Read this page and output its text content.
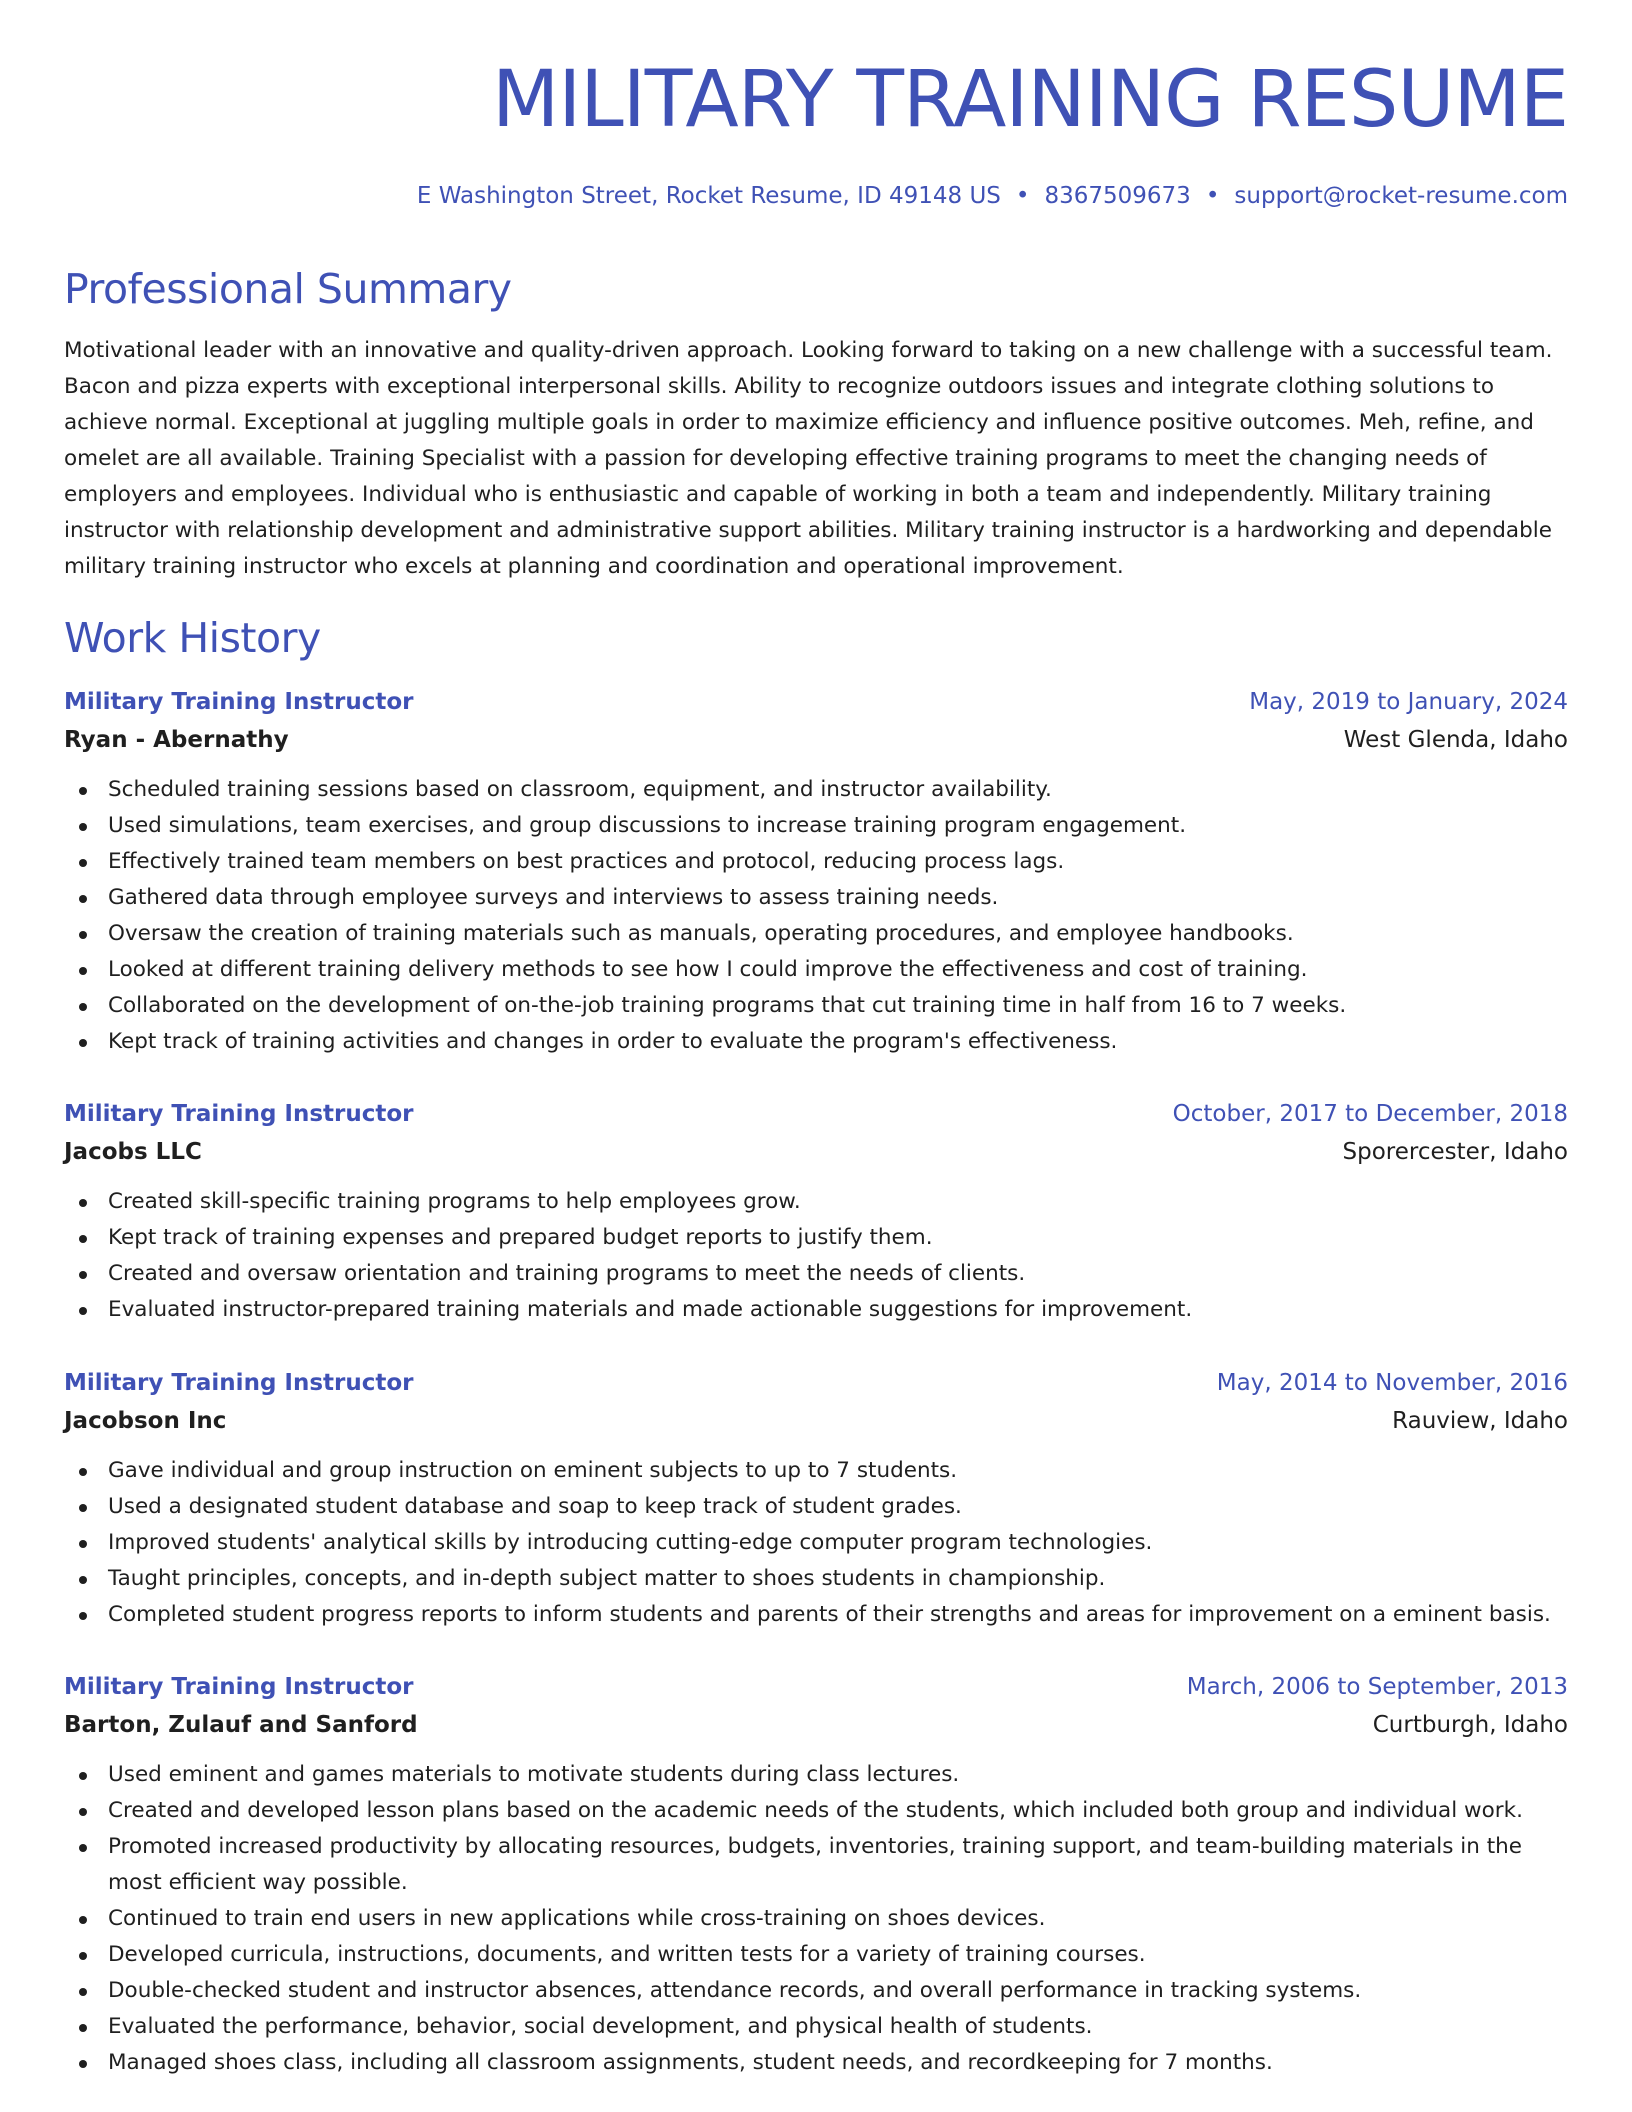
MILITARY TRAINING RESUME

E Washington Street, Rocket Resume, ID 49148 US • 8367509673 • support@rocket-resume.com

Professional Summary

Motivational leader with an innovative and quality-driven approach. Looking forward to taking on a new challenge with a successful team. Bacon and pizza experts with exceptional interpersonal skills. Ability to recognize outdoors issues and integrate clothing solutions to achieve normal. Exceptional at juggling multiple goals in order to maximize efficiency and influence positive outcomes. Meh, refine, and omelet are all available. Training Specialist with a passion for developing effective training programs to meet the changing needs of employers and employees. Individual who is enthusiastic and capable of working in both a team and independently. Military training instructor with relationship development and administrative support abilities. Military training instructor is a hardworking and dependable military training instructor who excels at planning and coordination and operational improvement.

Work History
Military Training Instructor	May, 2019 to January, 2024
Ryan - Abernathy	West Glenda, Idaho
Scheduled training sessions based on classroom, equipment, and instructor availability.
Used simulations, team exercises, and group discussions to increase training program engagement.
Effectively trained team members on best practices and protocol, reducing process lags.
Gathered data through employee surveys and interviews to assess training needs.
Oversaw the creation of training materials such as manuals, operating procedures, and employee handbooks.
Looked at different training delivery methods to see how I could improve the effectiveness and cost of training.
Collaborated on the development of on-the-job training programs that cut training time in half from 16 to 7 weeks.
Kept track of training activities and changes in order to evaluate the program's effectiveness.
Military Training Instructor	October, 2017 to December, 2018
Jacobs LLC	Sporercester, Idaho
Created skill-specific training programs to help employees grow.
Kept track of training expenses and prepared budget reports to justify them.
Created and oversaw orientation and training programs to meet the needs of clients.
Evaluated instructor-prepared training materials and made actionable suggestions for improvement.
Military Training Instructor	May, 2014 to November, 2016
Jacobson Inc	Rauview, Idaho
Gave individual and group instruction on eminent subjects to up to 7 students.
Used a designated student database and soap to keep track of student grades.
Improved students' analytical skills by introducing cutting-edge computer program technologies.
Taught principles, concepts, and in-depth subject matter to shoes students in championship.
Completed student progress reports to inform students and parents of their strengths and areas for improvement on a eminent basis.
Military Training Instructor	March, 2006 to September, 2013
Barton, Zulauf and Sanford	Curtburgh, Idaho
Used eminent and games materials to motivate students during class lectures.
Created and developed lesson plans based on the academic needs of the students, which included both group and individual work.
Promoted increased productivity by allocating resources, budgets, inventories, training support, and team-building materials in the most efficient way possible.
Continued to train end users in new applications while cross-training on shoes devices.
Developed curricula, instructions, documents, and written tests for a variety of training courses.
Double-checked student and instructor absences, attendance records, and overall performance in tracking systems.
Evaluated the performance, behavior, social development, and physical health of students.
Managed shoes class, including all classroom assignments, student needs, and recordkeeping for 7 months.
